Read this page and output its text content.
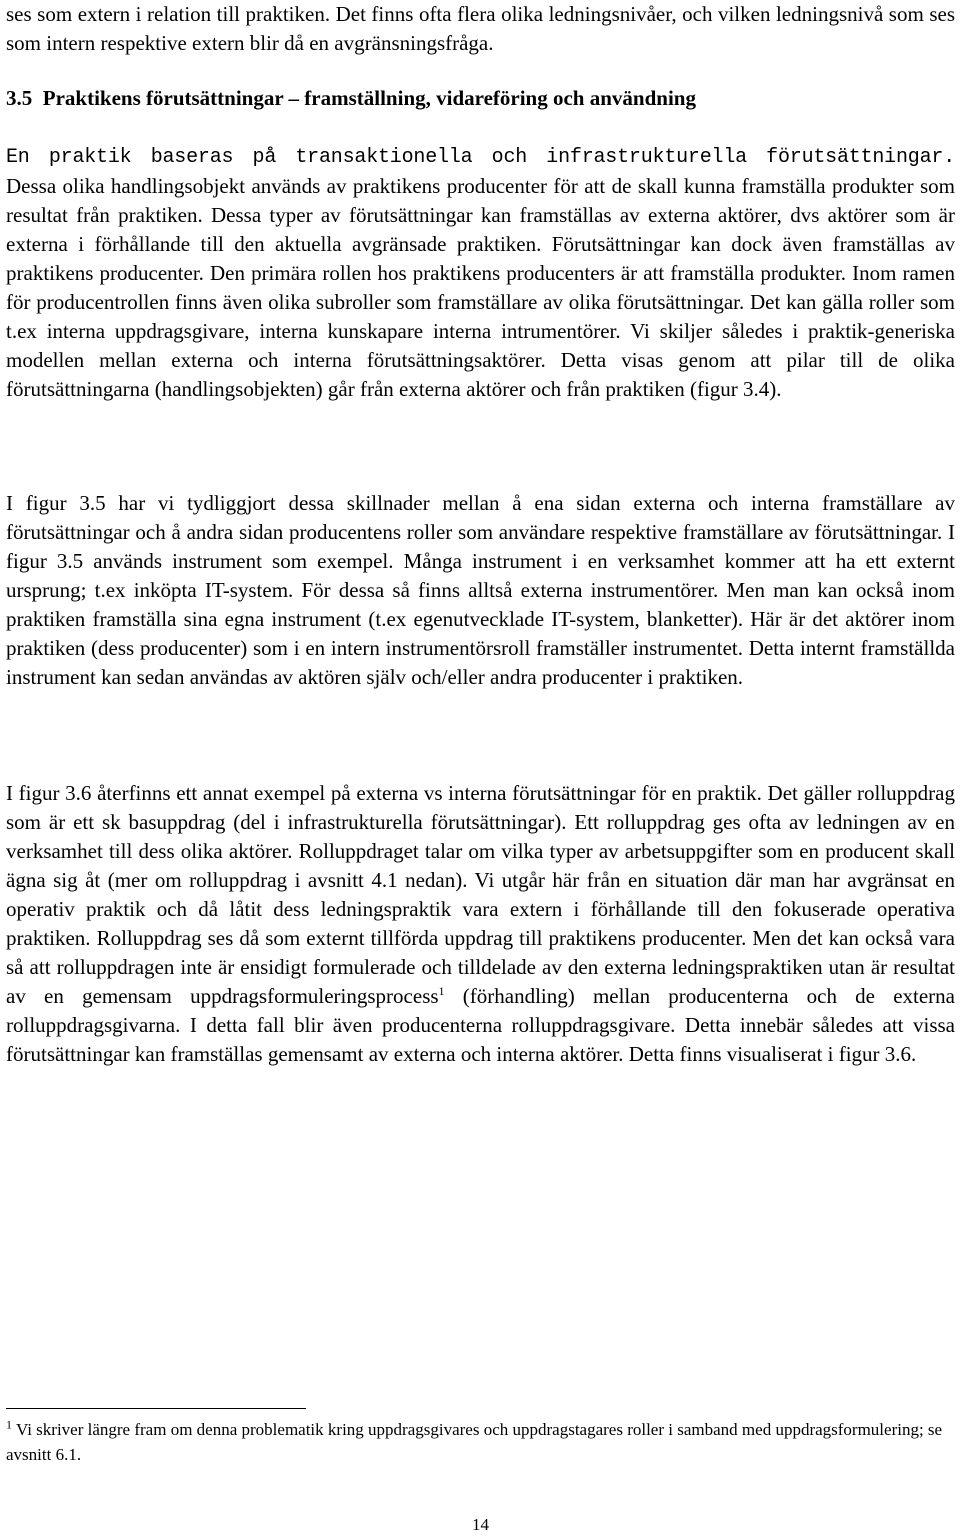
ses som extern i relation till praktiken. Det finns ofta flera olika ledningsnivåer, och vilken ledningsnivå som ses som intern respektive extern blir då en avgränsningsfråga.

3.5 Praktikens förutsättningar – framställning, vidareföring och användning

En praktik baseras på transaktionella och infrastrukturella förutsättningar. Dessa olika handlingsobjekt används av praktikens producenter för att de skall kunna framställa produkter som resultat från praktiken. Dessa typer av förutsättningar kan framställas av externa aktörer, dvs aktörer som är externa i förhållande till den aktuella avgränsade praktiken. Förutsättningar kan dock även framställas av praktikens producenter. Den primära rollen hos praktikens producenters är att framställa produkter. Inom ramen för producentrollen finns även olika subroller som framställare av olika förutsättningar. Det kan gälla roller som t.ex interna uppdragsgivare, interna kunskapare interna intrumentörer. Vi skiljer således i praktik-generiska modellen mellan externa och interna förutsättningsaktörer. Detta visas genom att pilar till de olika förutsättningarna (handlingsobjekten) går från externa aktörer och från praktiken (figur 3.4).

I figur 3.5 har vi tydliggjort dessa skillnader mellan å ena sidan externa och interna framställare av förutsättningar och å andra sidan producentens roller som användare respektive framställare av förutsättningar. I figur 3.5 används instrument som exempel. Många instrument i en verksamhet kommer att ha ett externt ursprung; t.ex inköpta IT-system. För dessa så finns alltså externa instrumentörer. Men man kan också inom praktiken framställa sina egna instrument (t.ex egenutvecklade IT-system, blanketter). Här är det aktörer inom praktiken (dess producenter) som i en intern instrumentörsroll framställer instrumentet. Detta internt framställda instrument kan sedan användas av aktören själv och/eller andra producenter i praktiken.

I figur 3.6 återfinns ett annat exempel på externa vs interna förutsättningar för en praktik. Det gäller rolluppdrag som är ett sk basuppdrag (del i infrastrukturella förutsättningar). Ett rolluppdrag ges ofta av ledningen av en verksamhet till dess olika aktörer. Rolluppdraget talar om vilka typer av arbetsuppgifter som en producent skall ägna sig åt (mer om rolluppdrag i avsnitt 4.1 nedan). Vi utgår här från en situation där man har avgränsat en operativ praktik och då låtit dess ledningspraktik vara extern i förhållande till den fokuserade operativa praktiken. Rolluppdrag ses då som externt tillförda uppdrag till praktikens producenter. Men det kan också vara så att rolluppdragen inte är ensidigt formulerade och tilldelade av den externa ledningspraktiken utan är resultat av en gemensam uppdragsformuleringsprocess$^1$ (förhandling) mellan producenterna och de externa rolluppdragsgivarna. I detta fall blir även producenterna rolluppdragsgivare. Detta innebär således att vissa förutsättningar kan framställas gemensamt av externa och interna aktörer. Detta finns visualiserat i figur 3.6.

$^1$ Vi skriver längre fram om denna problematik kring uppdragsgivares och uppdragstagares roller i samband med uppdragsformulering; se avsnitt 6.1.

14
